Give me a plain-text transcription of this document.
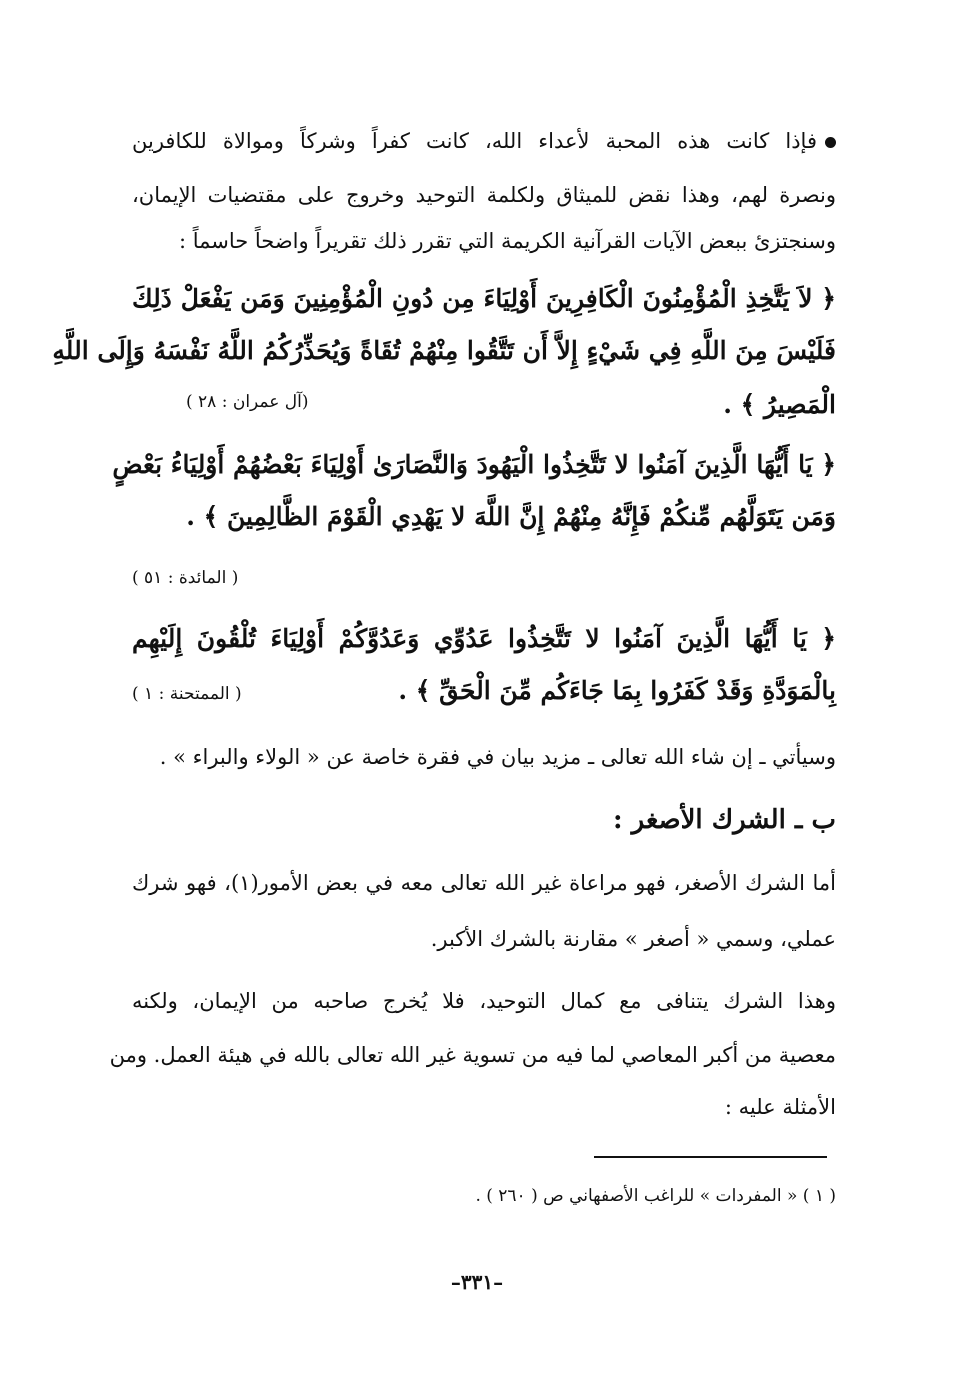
فإذا كانت هذه المحبة لأعداء الله، كانت كفراً وشركاً وموالاة للكافرين
ونصرة لهم، وهذا نقض للميثاق ولكلمة التوحيد وخروج على مقتضيات الإيمان،
وسنجتزئ ببعض الآيات القرآنية الكريمة التي تقرر ذلك تقريراً واضحاً حاسماً :
﴿ لاَ يَتَّخِذِ الْمُؤْمِنُونَ الْكَافِرِينَ أَوْلِيَاءَ مِن دُونِ الْمُؤْمِنِينَ وَمَن يَفْعَلْ ذَلِكَ
فَلَيْسَ مِنَ اللَّهِ فِي شَيْءٍ إِلاَّ أَن تَتَّقُوا مِنْهُمْ تُقَاةً وَيُحَذِّرُكُمُ اللَّهُ نَفْسَهُ وَإِلَى اللَّهِ
الْمَصِيرُ ﴾ .
(آل عمران : ٢٨ )
﴿ يَا أَيُّهَا الَّذِينَ آمَنُوا لا تَتَّخِذُوا الْيَهُودَ وَالنَّصَارَىٰ أَوْلِيَاءَ بَعْضُهُمْ أَوْلِيَاءُ بَعْضٍ
وَمَن يَتَوَلَّهُم مِّنكُمْ فَإِنَّهُ مِنْهُمْ إِنَّ اللَّهَ لا يَهْدِي الْقَوْمَ الظَّالِمِينَ ﴾ .
( المائدة : ٥١ )
﴿ يَا أَيُّهَا الَّذِينَ آمَنُوا لا تَتَّخِذُوا عَدُوِّي وَعَدُوَّكُمْ أَوْلِيَاءَ تُلْقُونَ إِلَيْهِم
بِالْمَوَدَّةِ وَقَدْ كَفَرُوا بِمَا جَاءَكُم مِّنَ الْحَقِّ ﴾ .
( الممتحنة : ١ )
وسيأتي ـ إن شاء الله تعالى ـ مزيد بيان في فقرة خاصة عن « الولاء والبراء » .
ب ـ الشرك الأصغر :
أما الشرك الأصغر، فهو مراعاة غير الله تعالى معه في بعض الأمور(١)، فهو شرك
عملي، وسمي « أصغر » مقارنة بالشرك الأكبر.
وهذا الشرك يتنافى مع كمال التوحيد، فلا يُخرج صاحبه من الإيمان، ولكنه
معصية من أكبر المعاصي لما فيه من تسوية غير الله تعالى بالله في هيئة العمل. ومن
الأمثلة عليه :
( ١ ) « المفردات » للراغب الأصفهاني ص ( ٢٦٠ ) .
–٣٣١–
